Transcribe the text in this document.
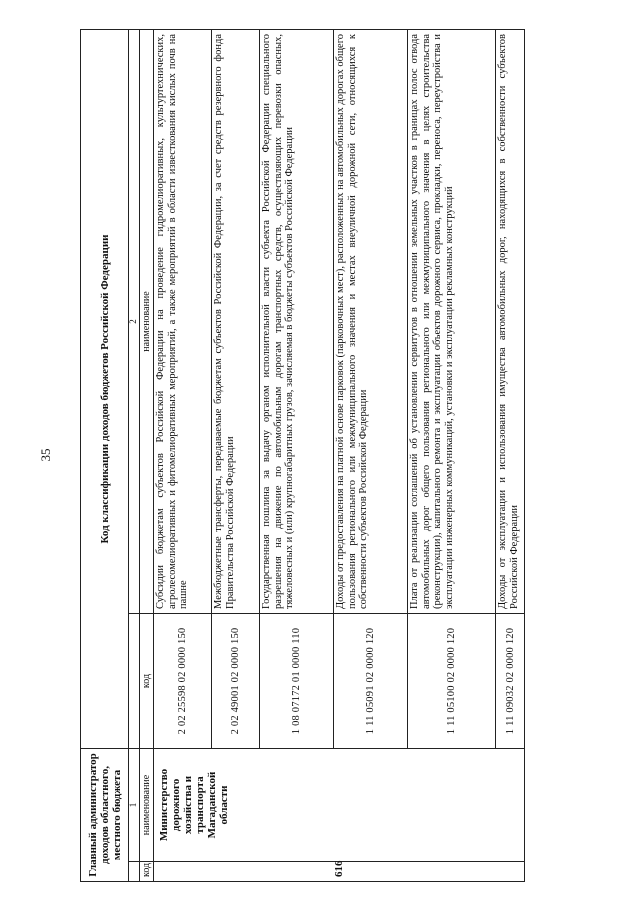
35
Главный администратор доходов областного, местного бюджета		Код классификации доходов бюджетов Российской Федерации	
	1		2
код	наименование	код	наименование
616	Министерство дорожного хозяйства и транспорта Магаданской области	2 02 25598 02 0000 150	Субсидии бюджетам субъектов Российской Федерации на проведение гидромелиоративных, культуртехнических, агролесомелиоративных и фитомелиоративных мероприятий, а также мероприятий в области известкования кислых почв на пашне
		2 02 49001 02 0000 150	Межбюджетные трансферты, передаваемые бюджетам субъектов Российской Федерации, за счет средств резервного фонда Правительства Российской Федерации
		1 08 07172 01 0000 110	Государственная пошлина за выдачу органом исполнительной власти субъекта Российской Федерации специального разрешения на движение по автомобильным дорогам транспортных средств, осуществляющих перевозки опасных, тяжеловесных и (или) крупногабаритных грузов, зачисляемая в бюджеты субъектов Российской Федерации
		1 11 05091 02 0000 120	Доходы от предоставления на платной основе парковок (парковочных мест), расположенных на автомобильных дорогах общего пользования регионального или межмуниципального значения и местах внеуличной дорожной сети, относящихся к собственности субъектов Российской Федерации
		1 11 05100 02 0000 120	Плата от реализации соглашений об установлении сервитутов в отношении земельных участков в границах полос отвода автомобильных дорог общего пользования регионального или межмуниципального значения в целях строительства (реконструкции), капитального ремонта и эксплуатации объектов дорожного сервиса, прокладки, переноса, переустройства и эксплуатации инженерных коммуникаций, установки и эксплуатации рекламных конструкций
		1 11 09032 02 0000 120	Доходы от эксплуатации и использования имущества автомобильных дорог, находящихся в собственности субъектов Российской Федерации
